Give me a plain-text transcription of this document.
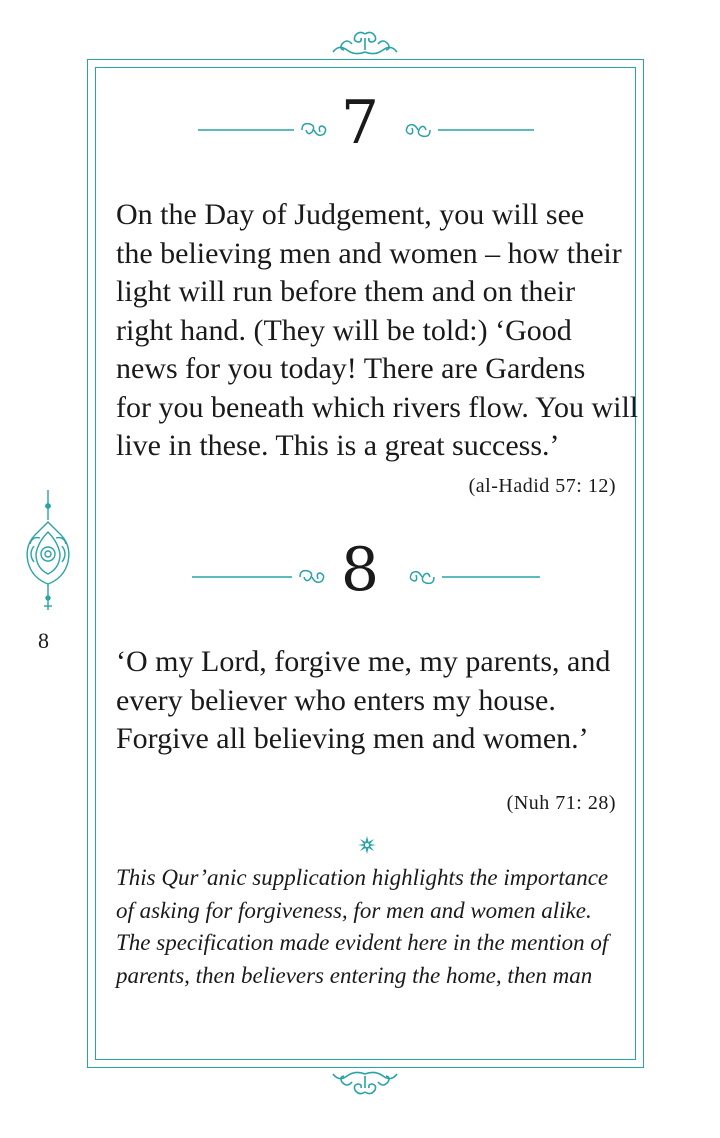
8
7
On the Day of Judgement, you will see
the believing men and women – how their
light will run before them and on their
right hand. (They will be told:) ‘Good
news for you today! There are Gardens
for you beneath which rivers flow. You will
live in these. This is a great success.’
(al-Hadid 57: 12)
8
‘O my Lord, forgive me, my parents, and
every believer who enters my house.
Forgive all believing men and women.’
(Nuh 71: 28)
This Qur’anic supplication highlights the importance
of asking for forgiveness, for men and women alike.
The specification made evident here in the mention of
parents, then believers entering the home, then man
